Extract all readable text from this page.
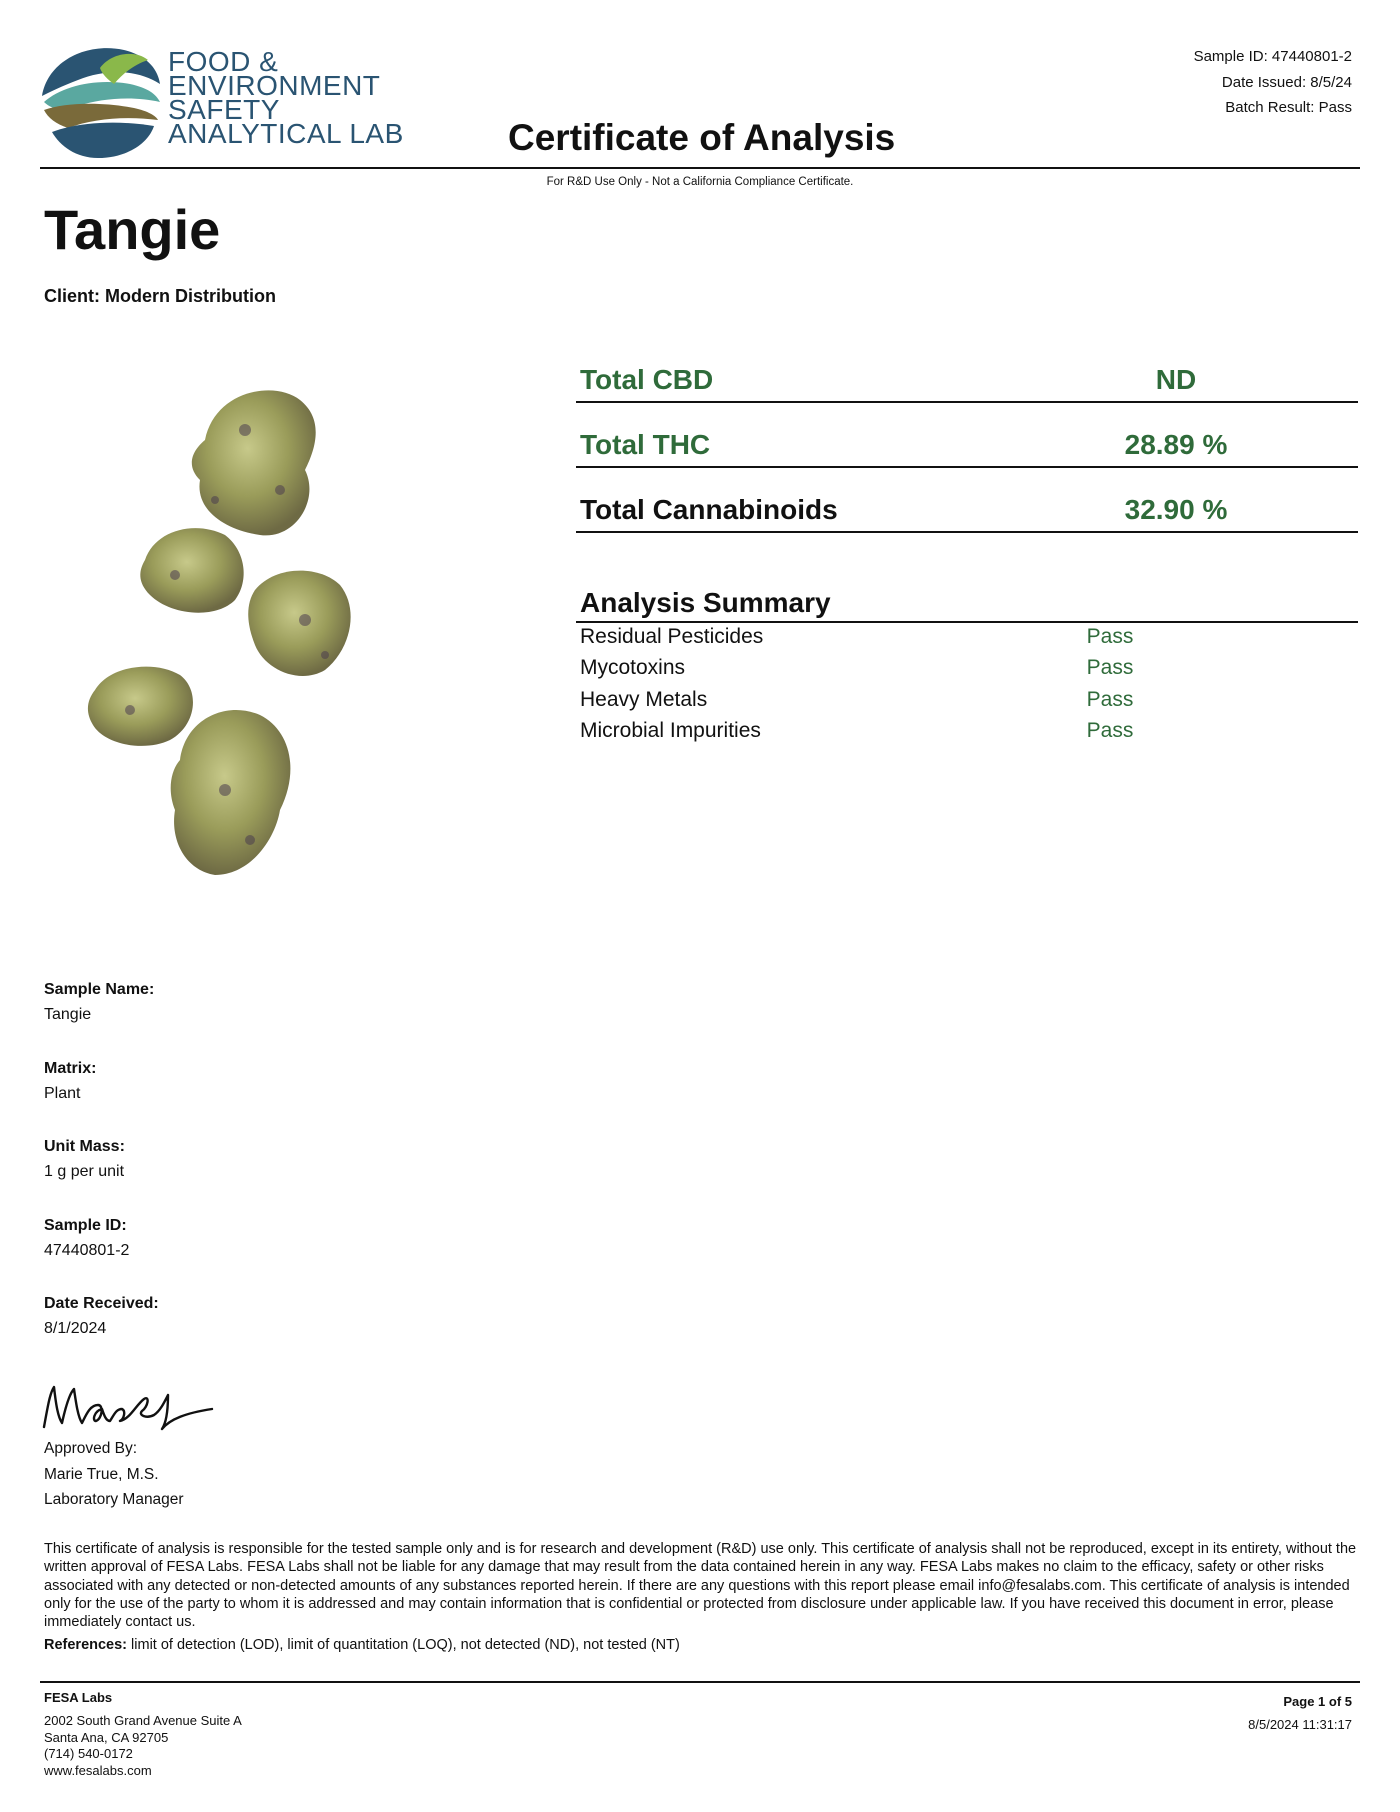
FOOD &
ENVIRONMENT
SAFETY
ANALYTICAL LAB
Sample ID: 47440801-2
Date Issued: 8/5/24
Batch Result: Pass
Certificate of Analysis
For R&D Use Only - Not a California Compliance Certificate.
Tangie
Client: Modern Distribution
Total CBD	ND
Total THC	28.89 %
Total Cannabinoids	32.90 %
Analysis Summary
Residual Pesticides	Pass
Mycotoxins	Pass
Heavy Metals	Pass
Microbial Impurities	Pass
Sample Name:
Tangie
Matrix:
Plant
Unit Mass:
1 g per unit
Sample ID:
47440801-2
Date Received:
8/1/2024
Approved By:
Marie True, M.S.
Laboratory Manager
This certificate of analysis is responsible for the tested sample only and is for research and development (R&D) use only. This certificate of analysis shall not be reproduced, except in its entirety, without the written approval of FESA Labs. FESA Labs shall not be liable for any damage that may result from the data contained herein in any way. FESA Labs makes no claim to the efficacy, safety or other risks associated with any detected or non-detected amounts of any substances reported herein. If there are any questions with this report please email info@fesalabs.com. This certificate of analysis is intended only for the use of the party to whom it is addressed and may contain information that is confidential or protected from disclosure under applicable law. If you have received this document in error, please immediately contact us.
References: limit of detection (LOD), limit of quantitation (LOQ), not detected (ND), not tested (NT)
FESA Labs
2002 South Grand Avenue Suite A
Santa Ana, CA 92705
(714) 540-0172
www.fesalabs.com
Page 1 of 5
8/5/2024 11:31:17
